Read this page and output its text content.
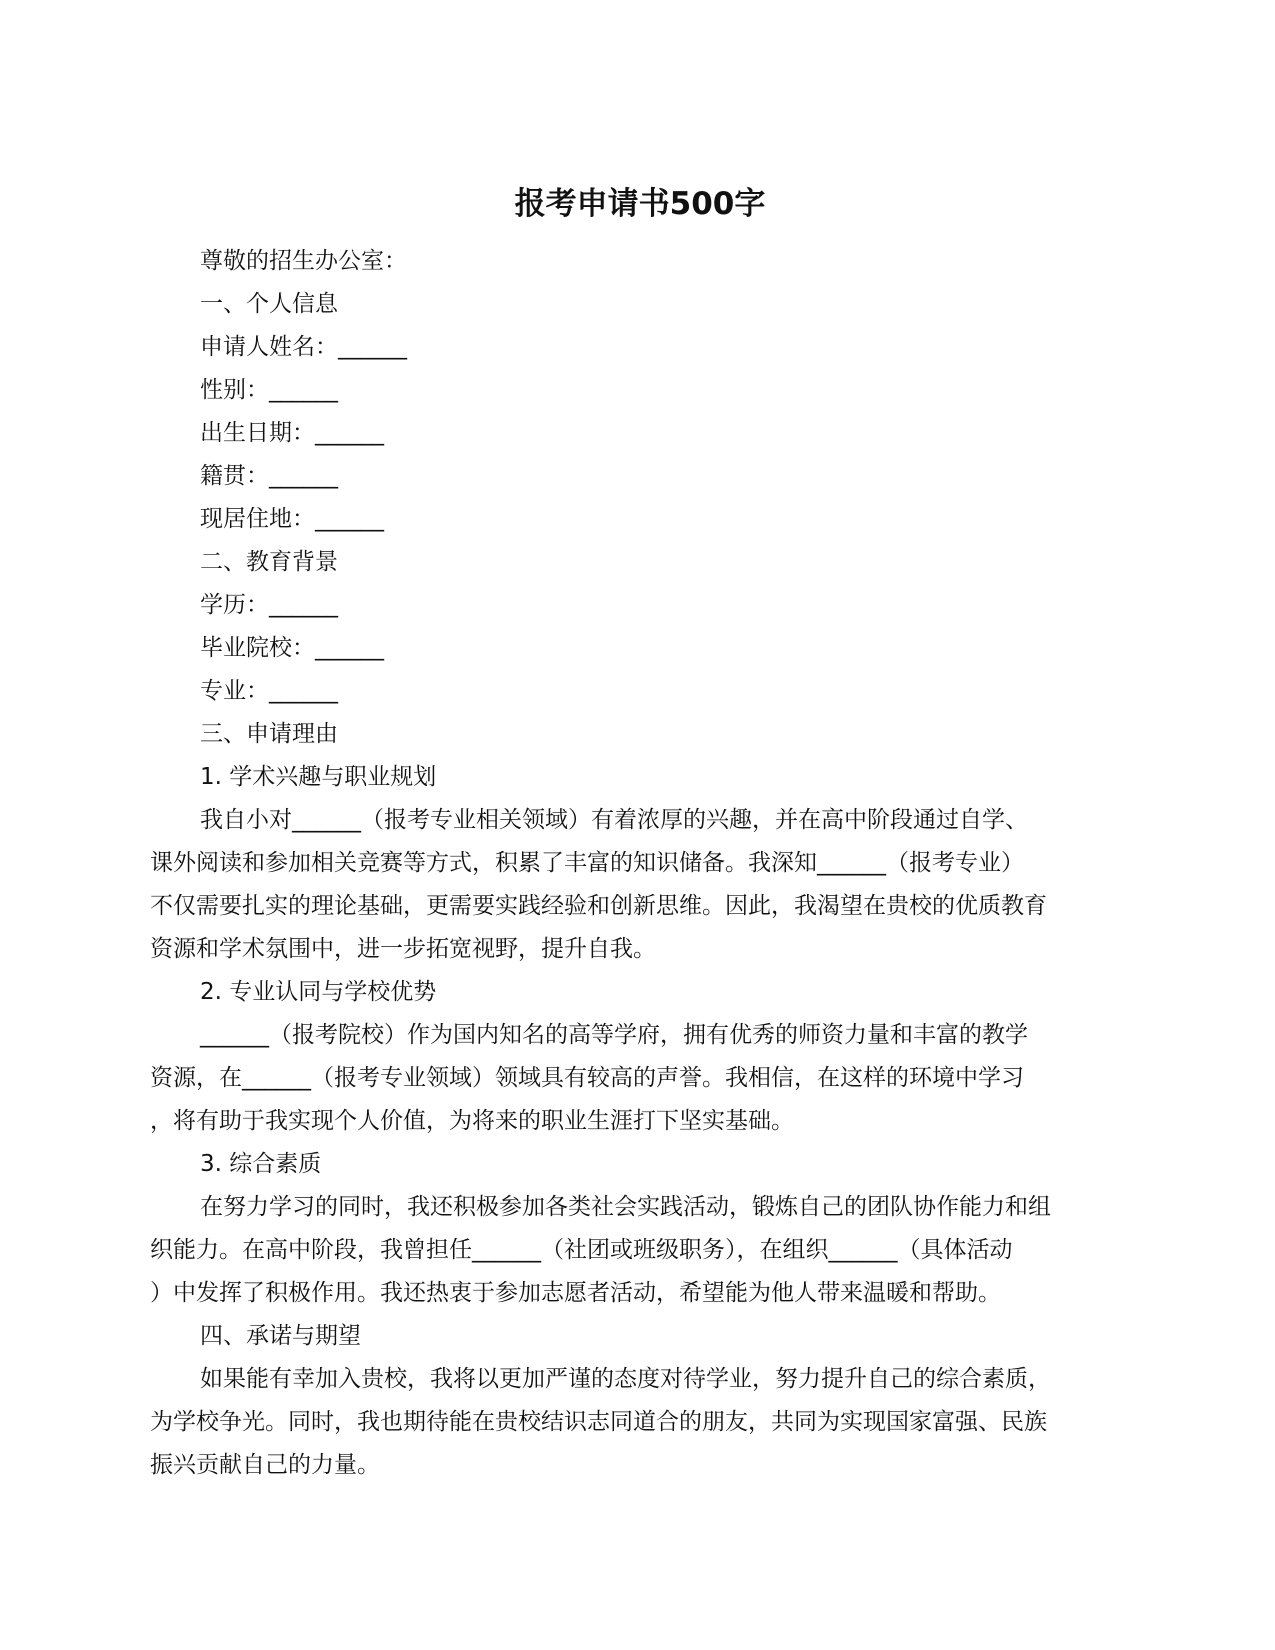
报考申请书500字

尊敬的招生办公室：

一、个人信息

申请人姓名：______

性别：______

出生日期：______

籍贯：______

现居住地：______

二、教育背景

学历：______

毕业院校：______

专业：______

三、申请理由

1. 学术兴趣与职业规划

我自小对______（报考专业相关领域）有着浓厚的兴趣，并在高中阶段通过自学、

课外阅读和参加相关竞赛等方式，积累了丰富的知识储备。我深知______（报考专业）

不仅需要扎实的理论基础，更需要实践经验和创新思维。因此，我渴望在贵校的优质教育

资源和学术氛围中，进一步拓宽视野，提升自我。

2. 专业认同与学校优势

______（报考院校）作为国内知名的高等学府，拥有优秀的师资力量和丰富的教学

资源，在______（报考专业领域）领域具有较高的声誉。我相信，在这样的环境中学习

，将有助于我实现个人价值，为将来的职业生涯打下坚实基础。

3. 综合素质

在努力学习的同时，我还积极参加各类社会实践活动，锻炼自己的团队协作能力和组

织能力。在高中阶段，我曾担任______（社团或班级职务），在组织______（具体活动

）中发挥了积极作用。我还热衷于参加志愿者活动，希望能为他人带来温暖和帮助。

四、承诺与期望

如果能有幸加入贵校，我将以更加严谨的态度对待学业，努力提升自己的综合素质，

为学校争光。同时，我也期待能在贵校结识志同道合的朋友，共同为实现国家富强、民族

振兴贡献自己的力量。
